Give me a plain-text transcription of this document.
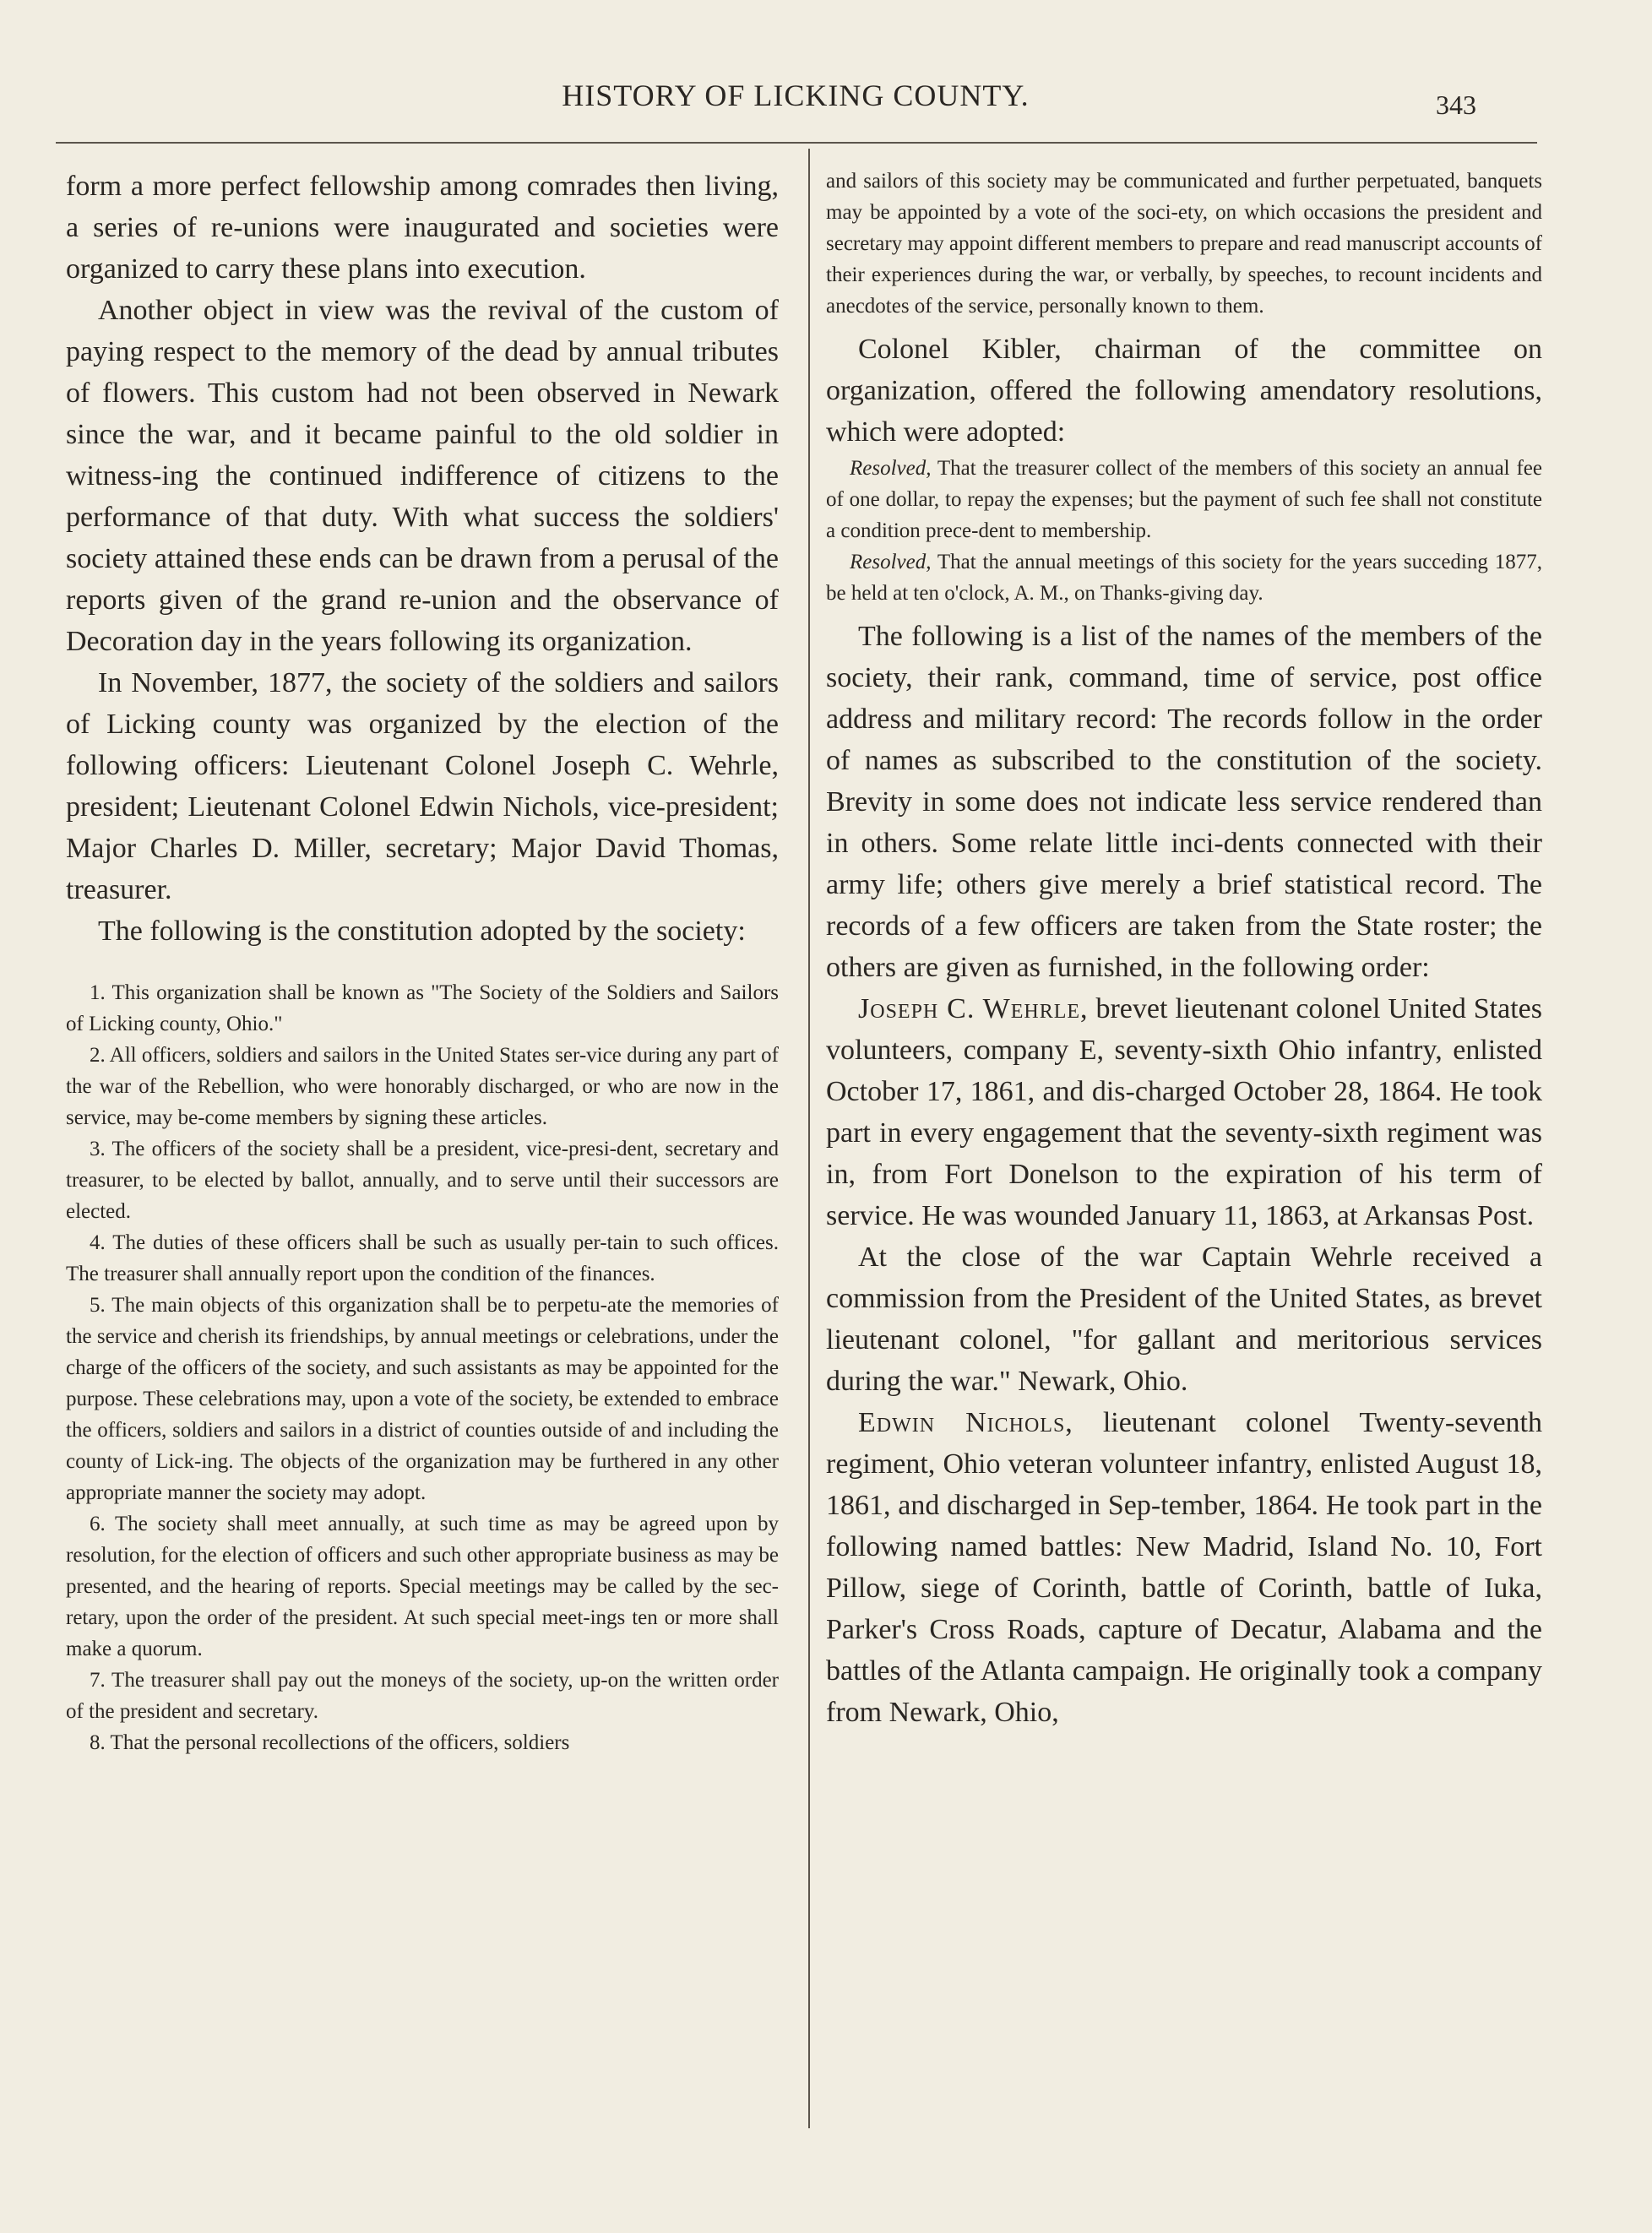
HISTORY OF LICKING COUNTY.	343

form a more perfect fellowship among comrades then living, a series of re-unions were inaugurated and societies were organized to carry these plans into execution.

Another object in view was the revival of the custom of paying respect to the memory of the dead by annual tributes of flowers. This custom had not been observed in Newark since the war, and it became painful to the old soldier in witness-ing the continued indifference of citizens to the performance of that duty. With what success the soldiers' society attained these ends can be drawn from a perusal of the reports given of the grand re-union and the observance of Decoration day in the years following its organization.

In November, 1877, the society of the soldiers and sailors of Licking county was organized by the election of the following officers: Lieutenant Colonel Joseph C. Wehrle, president; Lieutenant Colonel Edwin Nichols, vice-president; Major Charles D. Miller, secretary; Major David Thomas, treasurer.

The following is the constitution adopted by the society:

1. This organization shall be known as "The Society of the Soldiers and Sailors of Licking county, Ohio."

2. All officers, soldiers and sailors in the United States ser-vice during any part of the war of the Rebellion, who were honorably discharged, or who are now in the service, may be-come members by signing these articles.

3. The officers of the society shall be a president, vice-presi-dent, secretary and treasurer, to be elected by ballot, annually, and to serve until their successors are elected.

4. The duties of these officers shall be such as usually per-tain to such offices. The treasurer shall annually report upon the condition of the finances.

5. The main objects of this organization shall be to perpetu-ate the memories of the service and cherish its friendships, by annual meetings or celebrations, under the charge of the officers of the society, and such assistants as may be appointed for the purpose. These celebrations may, upon a vote of the society, be extended to embrace the officers, soldiers and sailors in a district of counties outside of and including the county of Lick-ing. The objects of the organization may be furthered in any other appropriate manner the society may adopt.

6. The society shall meet annually, at such time as may be agreed upon by resolution, for the election of officers and such other appropriate business as may be presented, and the hearing of reports. Special meetings may be called by the sec-retary, upon the order of the president. At such special meet-ings ten or more shall make a quorum.

7. The treasurer shall pay out the moneys of the society, up-on the written order of the president and secretary.

8. That the personal recollections of the officers, soldiers

and sailors of this society may be communicated and further perpetuated, banquets may be appointed by a vote of the soci-ety, on which occasions the president and secretary may appoint different members to prepare and read manuscript accounts of their experiences during the war, or verbally, by speeches, to recount incidents and anecdotes of the service, personally known to them.

Colonel Kibler, chairman of the committee on organization, offered the following amendatory resolutions, which were adopted:

Resolved, That the treasurer collect of the members of this society an annual fee of one dollar, to repay the expenses; but the payment of such fee shall not constitute a condition prece-dent to membership.

Resolved, That the annual meetings of this society for the years succeding 1877, be held at ten o'clock, A. M., on Thanks-giving day.

The following is a list of the names of the members of the society, their rank, command, time of service, post office address and military record: The records follow in the order of names as subscribed to the constitution of the society. Brevity in some does not indicate less service rendered than in others. Some relate little inci-dents connected with their army life; others give merely a brief statistical record. The records of a few officers are taken from the State roster; the others are given as furnished, in the following order:

Joseph C. Wehrle, brevet lieutenant colonel United States volunteers, company E, seventy-sixth Ohio infantry, enlisted October 17, 1861, and dis-charged October 28, 1864. He took part in every engagement that the seventy-sixth regiment was in, from Fort Donelson to the expiration of his term of service. He was wounded January 11, 1863, at Arkansas Post.

At the close of the war Captain Wehrle received a commission from the President of the United States, as brevet lieutenant colonel, "for gallant and meritorious services during the war." Newark, Ohio.

Edwin Nichols, lieutenant colonel Twenty-seventh regiment, Ohio veteran volunteer infantry, enlisted August 18, 1861, and discharged in Sep-tember, 1864. He took part in the following named battles: New Madrid, Island No. 10, Fort Pillow, siege of Corinth, battle of Corinth, battle of Iuka, Parker's Cross Roads, capture of Decatur, Alabama and the battles of the Atlanta campaign. He originally took a company from Newark, Ohio,
